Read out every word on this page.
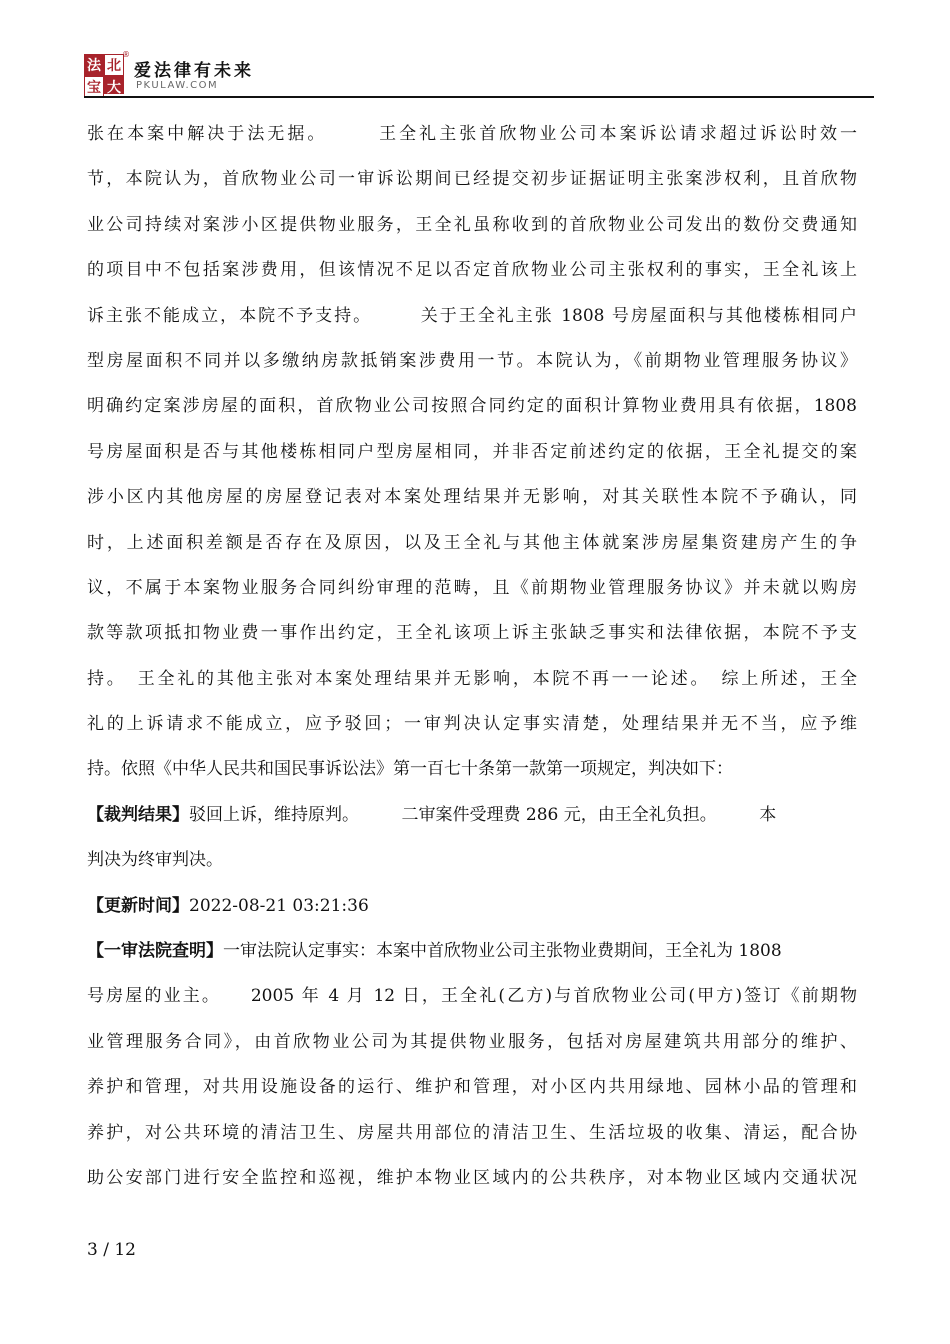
法 北
宝 大
®
爱法律有未来
PKULAW.COM
张在本案中解决于法无据。　　　王全礼主张首欣物业公司本案诉讼请求超过诉讼时效一
节，本院认为，首欣物业公司一审诉讼期间已经提交初步证据证明主张案涉权利，且首欣物
业公司持续对案涉小区提供物业服务，王全礼虽称收到的首欣物业公司发出的数份交费通知
的项目中不包括案涉费用，但该情况不足以否定首欣物业公司主张权利的事实，王全礼该上
诉主张不能成立，本院不予支持。　　　关于王全礼主张 1808 号房屋面积与其他楼栋相同户
型房屋面积不同并以多缴纳房款抵销案涉费用一节。本院认为，《前期物业管理服务协议》
明确约定案涉房屋的面积，首欣物业公司按照合同约定的面积计算物业费用具有依据，1808
号房屋面积是否与其他楼栋相同户型房屋相同，并非否定前述约定的依据，王全礼提交的案
涉小区内其他房屋的房屋登记表对本案处理结果并无影响，对其关联性本院不予确认，同
时，上述面积差额是否存在及原因，以及王全礼与其他主体就案涉房屋集资建房产生的争
议，不属于本案物业服务合同纠纷审理的范畴，且《前期物业管理服务协议》并未就以购房
款等款项抵扣物业费一事作出约定，王全礼该项上诉主张缺乏事实和法律依据，本院不予支
持。　王全礼的其他主张对本案处理结果并无影响，本院不再一一论述。　综上所述，王全
礼的上诉请求不能成立，应予驳回；一审判决认定事实清楚，处理结果并无不当，应予维
持。依照《中华人民共和国民事诉讼法》第一百七十条第一款第一项规定，判决如下：
【裁判结果】驳回上诉，维持原判。　　　二审案件受理费 286 元，由王全礼负担。　　　本
判决为终审判决。
【更新时间】2022-08-21 03:21:36
【一审法院查明】一审法院认定事实：本案中首欣物业公司主张物业费期间，王全礼为 1808
号房屋的业主。　　2005 年 4 月 12 日，王全礼(乙方)与首欣物业公司(甲方)签订《前期物
业管理服务合同》，由首欣物业公司为其提供物业服务，包括对房屋建筑共用部分的维护、
养护和管理，对共用设施设备的运行、维护和管理，对小区内共用绿地、园林小品的管理和
养护，对公共环境的清洁卫生、房屋共用部位的清洁卫生、生活垃圾的收集、清运，配合协
助公安部门进行安全监控和巡视，维护本物业区域内的公共秩序，对本物业区域内交通状况
3 / 12
